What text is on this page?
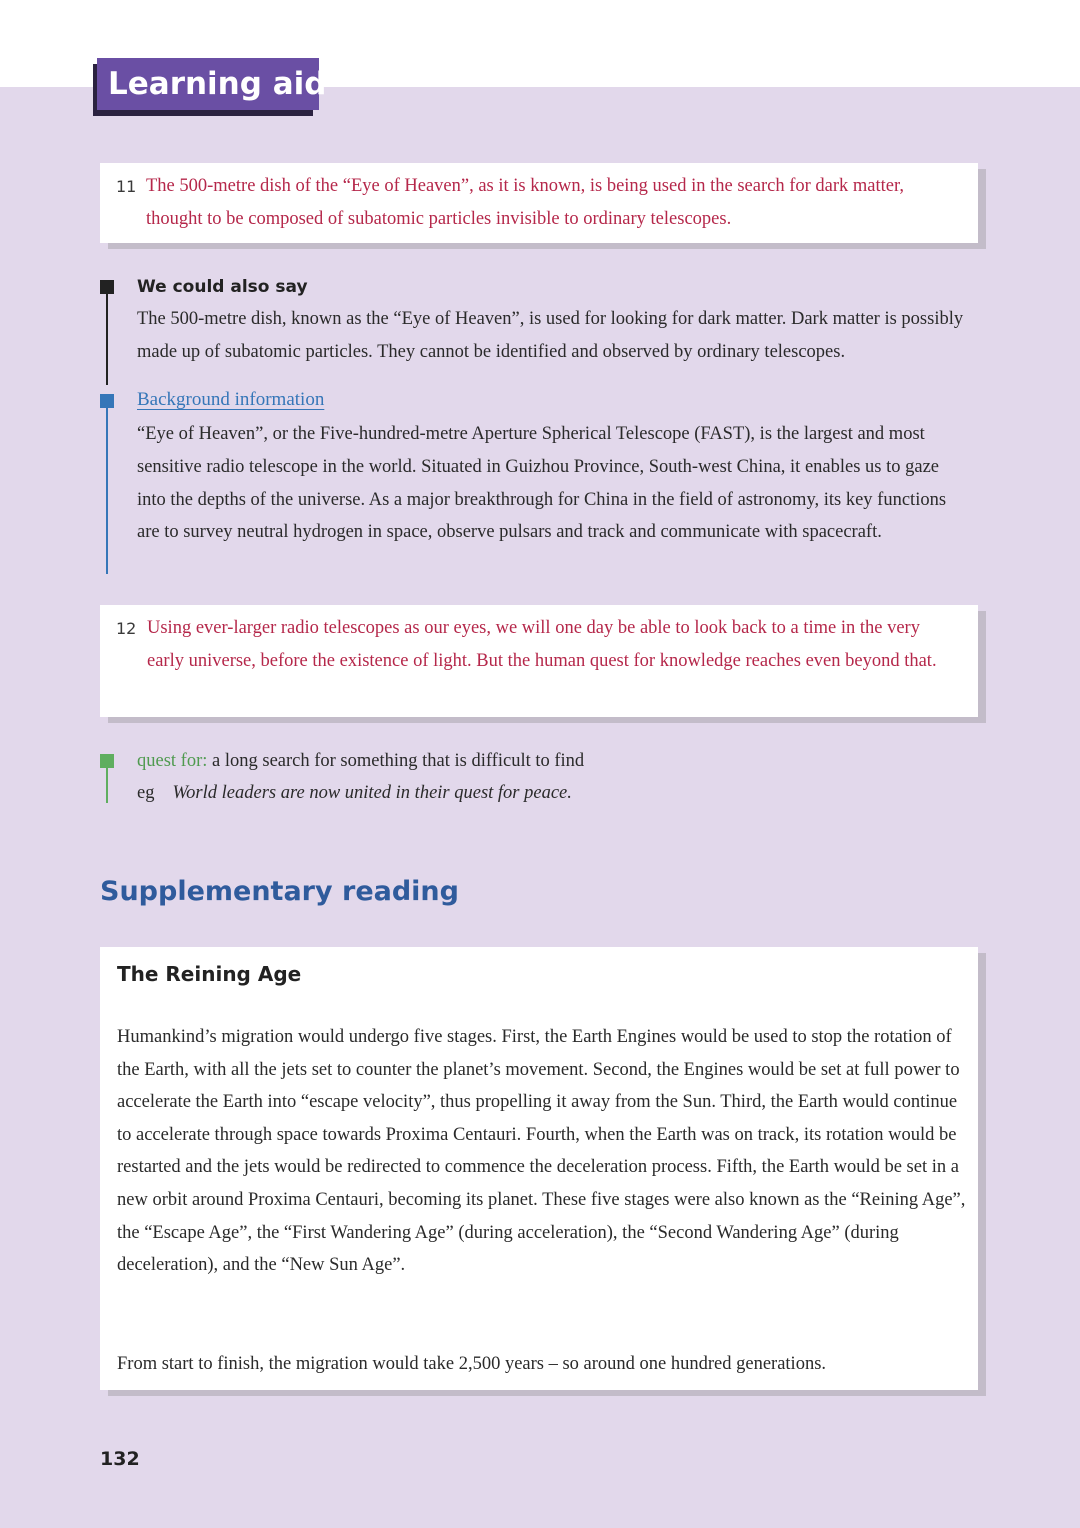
Learning aid
11 The 500-metre dish of the “Eye of Heaven”, as it is known, is being used in the search for dark matter, thought to be composed of subatomic particles invisible to ordinary telescopes.
We could also say
The 500-metre dish, known as the “Eye of Heaven”, is used for looking for dark matter. Dark matter is possibly made up of subatomic particles. They cannot be identified and observed by ordinary telescopes.
Background information
“Eye of Heaven”, or the Five-hundred-metre Aperture Spherical Telescope (FAST), is the largest and most sensitive radio telescope in the world. Situated in Guizhou Province, South-west China, it enables us to gaze into the depths of the universe. As a major breakthrough for China in the field of astronomy, its key functions are to survey neutral hydrogen in space, observe pulsars and track and communicate with spacecraft.
12 Using ever-larger radio telescopes as our eyes, we will one day be able to look back to a time in the very early universe, before the existence of light. But the human quest for knowledge reaches even beyond that.
quest for: a long search for something that is difficult to find
eg World leaders are now united in their quest for peace.
Supplementary reading
The Reining Age
Humankind’s migration would undergo five stages. First, the Earth Engines would be used to stop the rotation of the Earth, with all the jets set to counter the planet’s movement. Second, the Engines would be set at full power to accelerate the Earth into “escape velocity”, thus propelling it away from the Sun. Third, the Earth would continue to accelerate through space towards Proxima Centauri. Fourth, when the Earth was on track, its rotation would be restarted and the jets would be redirected to commence the deceleration process. Fifth, the Earth would be set in a new orbit around Proxima Centauri, becoming its planet. These five stages were also known as the “Reining Age”, the “Escape Age”, the “First Wandering Age” (during acceleration), the “Second Wandering Age” (during deceleration), and the “New Sun Age”.
From start to finish, the migration would take 2,500 years – so around one hundred generations.
132
